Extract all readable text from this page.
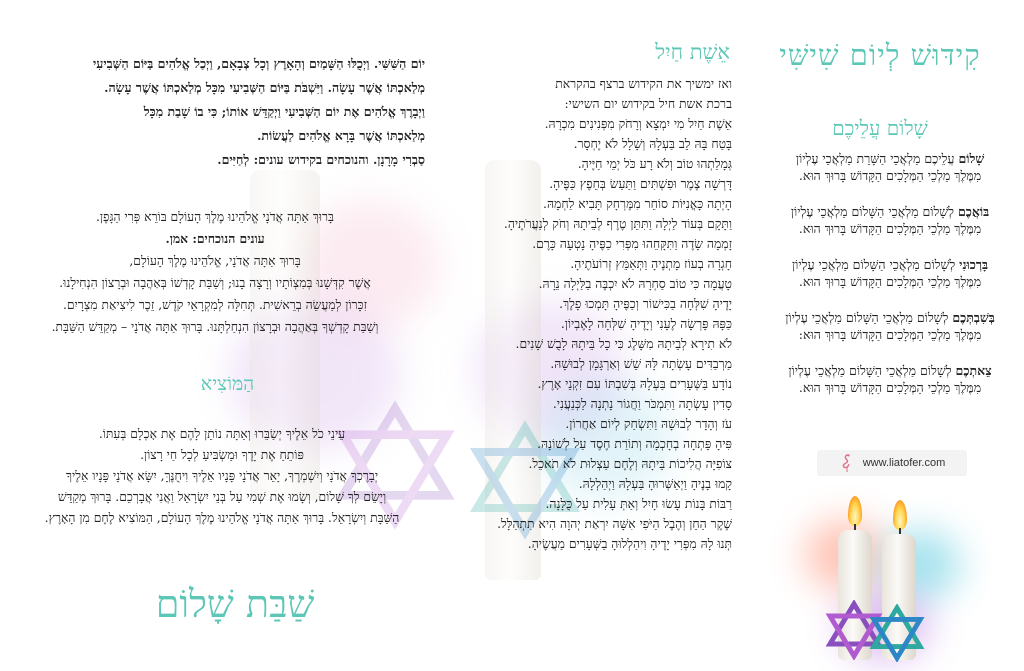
קִידּוּשׁ לְיוֹם שִׁישִּׁי
שָׁלוֹם עֲלֵיכֶם
שָׁלוֹם עֲלֵיכֶם מַלְאֲכֵי הַשָּׁרֵת מַלְאֲכֵי עֶלְיוֹן
מִמֶּלֶךְ מַלְכֵי הַמְּלָכִים הַקָּדוֹשׁ בָּרוּךְ הוּא.
בּוֹאֲכֶם לְשָׁלוֹם מַלְאֲכֵי הַשָּׁלוֹם מַלְאֲכֵי עֶלְיוֹן
מִמֶּלֶךְ מַלְכֵי הַמְּלָכִים הַקָּדוֹשׁ בָּרוּךְ הוּא.
בָּרְכוּנִי לְשָׁלוֹם מַלְאֲכֵי הַשָּׁלוֹם מַלְאֲכֵי עֶלְיוֹן
מִמֶּלֶךְ מַלְכֵי הַמְּלָכִים הַקָּדוֹשׁ בָּרוּךְ הוּא.
בְּשִׁבְתְּכֶם לְשָׁלוֹם מַלְאֲכֵי הַשָּׁלוֹם מַלְאֲכֵי עֶלְיוֹן
מִמֶּלֶךְ מַלְכֵי הַמְּלָכִים הַקָּדוֹשׁ בָּרוּךְ הוּא:
צֵאתְכֶם לְשָׁלוֹם מַלְאֲכֵי הַשָּׁלוֹם מַלְאֲכֵי עֶלְיוֹן
מִמֶּלֶךְ מַלְכֵי הַמְּלָכִים הַקָּדוֹשׁ בָּרוּךְ הוּא.
www.liatofer.com
אֵשֶׁת חַיִל
ואז ימשיך את הקידוש ברצף בהקראת
ברכת אשת חיל בקידוש יום השישי:
אֵשֶׁת חַיִל מִי יִמְצָא וְרָחֹק מִפְּנִינִים מִכְרָהּ.
בָּטַח בָּהּ לֵב בַּעְלָהּ וְשָׁלָל לֹא יֶחְסָר.
גְּמָלַתְהוּ טוֹב וְלֹא רָע כֹּל יְמֵי חַיֶּיהָ.
דָּרְשָׁה צֶמֶר וּפִשְׁתִּים וַתַּעַשׂ בְּחֵפֶץ כַּפֶּיהָ.
הָיְתָה כָּאֳנִיּוֹת סוֹחֵר מִמֶּרְחָק תָּבִיא לַחְמָהּ.
וַתָּקָם בְּעוֹד לַיְלָה וַתִּתֵּן טֶרֶף לְבֵיתָהּ וְחֹק לְנַעֲרֹתֶיהָ.
זָמְמָה שָׂדֶה וַתִּקָּחֵהוּ מִפְּרִי כַפֶּיהָ נָטְעָה כָּרֶם.
חָגְרָה בְעוֹז מָתְנֶיהָ וַתְּאַמֵּץ זְרוֹעֹתֶיהָ.
טָעֲמָה כִּי טוֹב סַחְרָהּ לֹא יִכְבֶּה בַלַּיְלָה נֵרָהּ.
יָדֶיהָ שִׁלְּחָה בַכִּישׁוֹר וְכַפֶּיהָ תָּמְכוּ פָלֶךְ.
כַּפָּהּ פָּרְשָׂה לֶעָנִי וְיָדֶיהָ שִׁלְּחָה לָאֶבְיוֹן.
לֹא תִירָא לְבֵיתָהּ מִשָּׁלֶג כִּי כָל בֵּיתָהּ לָבֻשׁ שָׁנִים.
מַרְבַדִּים עָשְׂתָה לָּהּ שֵׁשׁ וְאַרְגָּמָן לְבוּשָׁהּ.
נוֹדָע בַּשְּׁעָרִים בַּעְלָהּ בְּשִׁבְתּוֹ עִם זִקְנֵי אָרֶץ.
סָדִין עָשְׂתָה וַתִּמְכֹּר וַחֲגוֹר נָתְנָה לַכְּנַעֲנִי.
עֹז וְהָדָר לְבוּשָׁהּ וַתִּשְׂחַק לְיוֹם אַחֲרוֹן.
פִּיהָ פָּתְחָה בְחָכְמָה וְתוֹרַת חֶסֶד עַל לְשׁוֹנָהּ.
צוֹפִיָּה הֲלִיכוֹת בֵּיתָהּ וְלֶחֶם עַצְלוּת לֹא תֹאכֵל.
קָמוּ בָנֶיהָ וַיְאַשְּׁרוּהָ בַּעְלָהּ וַיְהַלְלָהּ.
רַבּוֹת בָּנוֹת עָשׂוּ חָיִל וְאַתְּ עָלִית עַל כֻּלָּנָה.
שֶׁקֶר הַחֵן וְהֶבֶל הַיֹּפִי אִשָּׁה יִרְאַת יְהוָה הִיא תִתְהַלָּל.
תְּנוּ לָהּ מִפְּרִי יָדֶיהָ וִיהַלְלוּהָ בַשְּׁעָרִים מַעֲשֶׂיהָ.
יוֹם הַשִּׁשִּׁי. וַיְכֻלּוּ הַשָּׁמַיִם וְהָאָרֶץ וְכָל צְבָאָם, וַיְכַל אֱלֹהִים בַּיּוֹם הַשְּׁבִיעִי
מְלַאכְתּוֹ אֲשֶׁר עָשָׂה. וַיִּשְׁבֹּת בַּיּוֹם הַשְּׁבִיעִי מִכָּל מְלַאכְתּוֹ אֲשֶׁר עָשָׂה.
וַיְבָרֶךְ אֱלֹהִים אֶת יוֹם הַשְּׁבִיעִי וַיְקַדֵּשׁ אוֹתוֹ; כִּי בוֹ שָׁבַת מִכָּל
מְלַאכְתּוֹ אֲשֶׁר בָּרָא אֱלֹהִים לַעֲשׂוֹת.
סַבְרִי מָרָנָן. והנוכחים בקידוש עונים: לְחַיִּים.
בָּרוּךְ אַתָּה אֲדֹנָי אֱלֹהֵינוּ מֶלֶךְ הָעוֹלָם בּוֹרֵא פְּרִי הַגָּפֶן.
עונים הנוכחים: אמן.
בָּרוּךְ אַתָּה אֲדֹנָי, אֱלֹהֵינוּ מֶלֶךְ הָעוֹלָם,
אֲשֶׁר קִדְּשָׁנוּ בְּמִצְוֹתָיו וְרָצָה בָנוּ; וְשַׁבַּת קָדְשׁוֹ בְּאַהֲבָה וּבְרָצוֹן הִנְחִילָנוּ.
זִכָּרוֹן לְמַעֲשֵׂה בְרֵאשִׁית. תְּחִלָּה לְמִקְרָאֵי קֹדֶשׁ, זֵכֶר לִיצִיאַת מִצְרָיִם.
וְשַׁבַּת קָדְשְׁךָ בְּאַהֲבָה וּבְרָצוֹן הִנְחַלְתָּנוּ. בָּרוּךְ אַתָּה אֲדֹנָי – מְקַדֵּשׁ הַשַּׁבָּת.
הַמּוֹצִיא
עֵינֵי כֹל אֵלֶיךָ יְשַׂבֵּרוּ וְאַתָּה נוֹתֵן לָהֶם אֶת אָכְלָם בְּעִתּוֹ.
פּוֹתֵחַ אֶת יָדֶךָ וּמַשְׂבִּיעַ לְכָל חַי רָצוֹן.
יְבָרֶכְךָ אֲדֹנָי וְיִשְׁמְרֶךָ, יָאֵר אֲדֹנָי פָּנָיו אֵלֶיךָ וִיחֻנֶּךָּ, יִשָּׂא אֲדֹנָי פָּנָיו אֵלֶיךָ
וְיָשֵׂם לְךָ שָׁלוֹם, וְשָׂמוּ אֶת שְׁמִי עַל בְּנֵי יִשְׂרָאֵל וַאֲנִי אֲבָרְכֵם. בָּרוּךְ מְקַדֵּשׁ
הַשַּׁבָּת וְיִשְׂרָאֵל. בָּרוּךְ אַתָּה אֲדֹנָי אֱלֹהֵינוּ מֶלֶךְ הָעוֹלָם, הַמּוֹצִיא לֶחֶם מִן הָאָרֶץ.
שַׁבַּת שָׁלוֹם
